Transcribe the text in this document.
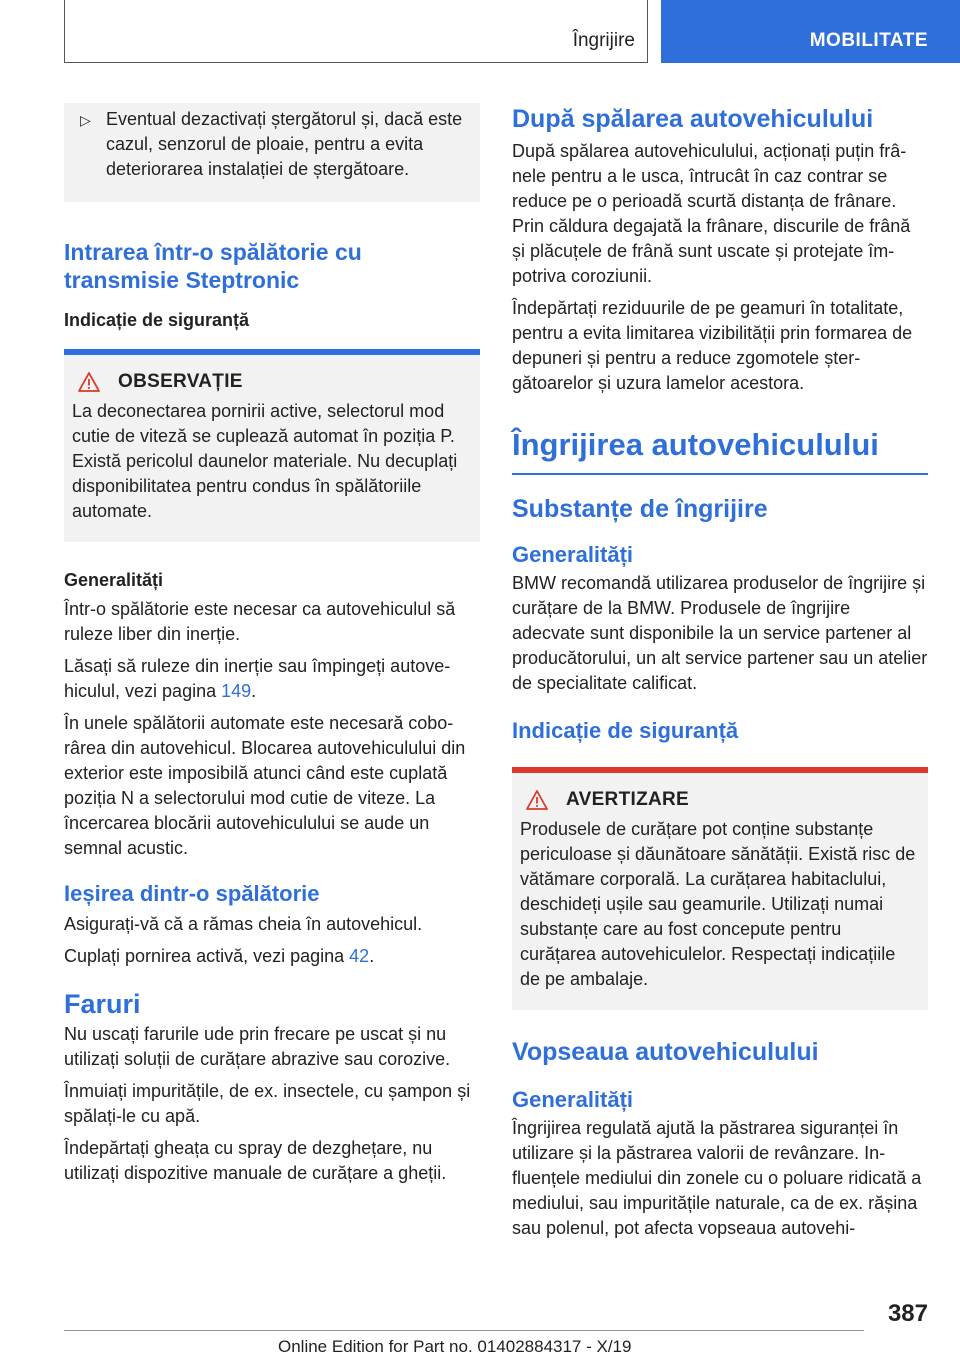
Îngrijire	MOBILITATE
▷ Eventual dezactivați ștergătorul și, dacă este cazul, senzorul de ploaie, pentru a evita deteriorarea instalației de ștergătoare.
Intrarea într-o spălătorie cu
transmisie Steptronic
Indicație de siguranță
OBSERVAȚIE

La deconectarea pornirii active, selectorul mod cutie de viteză se cuplează automat în poziția P. Există pericolul daunelor materiale. Nu decuplați disponibilitatea pentru condus în spălătoriile automate.

Generalități

Într-o spălătorie este necesar ca autovehiculul să ruleze liber din inerție.

Lăsați să ruleze din inerție sau împingeți autovehiculul, vezi pagina 149.

În unele spălătorii automate este necesară coborârea din autovehicul. Blocarea autovehiculului din exterior este imposibilă atunci când este cuplată poziția N a selectorului mod cutie de viteze. La încercarea blocării autovehiculului se aude un semnal acustic.

Ieșirea dintr-o spălătorie

Asigurați-vă că a rămas cheia în autovehicul.

Cuplați pornirea activă, vezi pagina 42.

Faruri

Nu uscați farurile ude prin frecare pe uscat și nu utilizați soluții de curățare abrazive sau corozive.

Înmuiați impuritățile, de ex. insectele, cu șampon și spălați-le cu apă.

Îndepărtați gheața cu spray de dezghețare, nu utilizați dispozitive manuale de curățare a gheții.

După spălarea autovehiculului

După spălarea autovehiculului, acționați puțin frânele pentru a le usca, întrucât în caz contrar se reduce pe o perioadă scurtă distanța de frânare. Prin căldura degajată la frânare, discurile de frână și plăcuțele de frână sunt uscate și protejate împotriva coroziunii.

Îndepărtați reziduurile de pe geamuri în totalitate, pentru a evita limitarea vizibilității prin formarea de depuneri și pentru a reduce zgomotele ștergătoarelor și uzura lamelor acestora.

Îngrijirea autovehiculului
Substanțe de îngrijire
Generalități

BMW recomandă utilizarea produselor de îngrijire și curățare de la BMW. Produsele de îngrijire adecvate sunt disponibile la un service partener al producătorului, un alt service partener sau un atelier de specialitate calificat.

Indicație de siguranță
AVERTIZARE

Produsele de curățare pot conține substanțe periculoase și dăunătoare sănătății. Există risc de vătămare corporală. La curățarea habitaclului, deschideți ușile sau geamurile. Utilizați numai substanțe care au fost concepute pentru curățarea autovehiculelor. Respectați indicațiile de pe ambalaje.

Vopseaua autovehiculului
Generalități

Îngrijirea regulată ajută la păstrarea siguranței în utilizare și la păstrarea valorii de revânzare. Influențele mediului din zonele cu o poluare ridicată a mediului, sau impuritățile naturale, ca de ex. rășina sau polenul, pot afecta vopseaua autovehi-

387
Online Edition for Part no. 01402884317 - X/19
